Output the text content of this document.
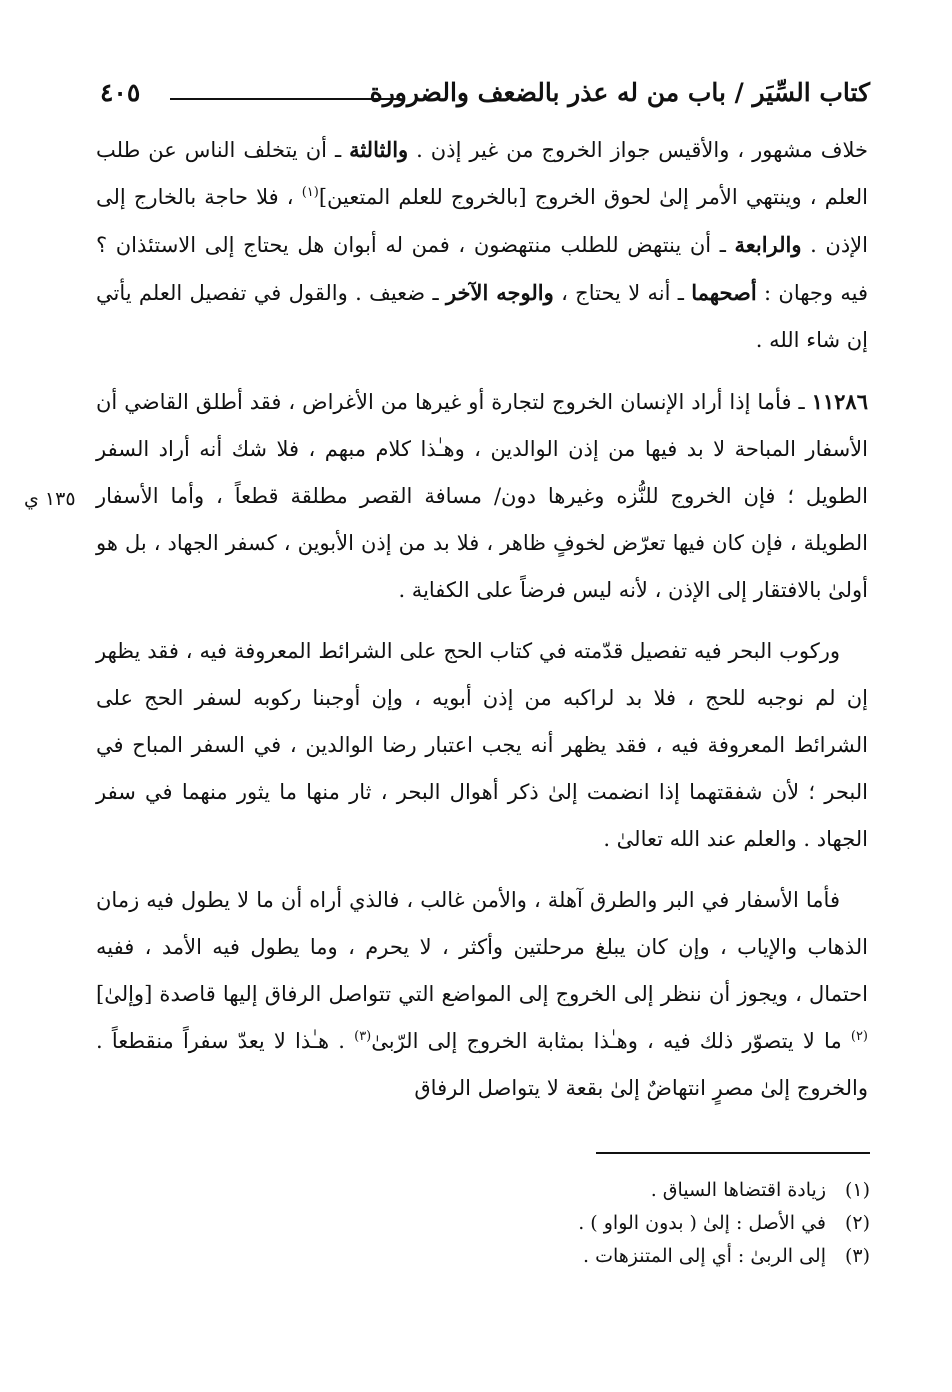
كتاب السِّيَر / باب من له عذر بالضعف والضرورة
٤٠٥
١٣٥ ي

خلاف مشهور ، والأقيس جواز الخروج من غير إذن . والثالثة ـ أن يتخلف الناس عن طلب العلم ، وينتهي الأمر إلىٰ لحوق الخروج [بالخروج للعلم المتعين]$^{(١)}$ ، فلا حاجة بالخارج إلى الإذن . والرابعة ـ أن ينتهض للطلب منتهضون ، فمن له أبوان هل يحتاج إلى الاستئذان ؟ فيه وجهان : أصحهما ـ أنه لا يحتاج ، والوجه الآخر ـ ضعيف . والقول في تفصيل العلم يأتي إن شاء الله .

١١٢٨٦ ـ فأما إذا أراد الإنسان الخروج لتجارة أو غيرها من الأغراض ، فقد أطلق القاضي أن الأسفار المباحة لا بد فيها من إذن الوالدين ، وهـٰذا كلام مبهم ، فلا شك أنه أراد السفر الطويل ؛ فإن الخروج للنُّزه وغيرها دون/ مسافة القصر مطلقة قطعاً ، وأما الأسفار الطويلة ، فإن كان فيها تعرّض لخوفٍ ظاهر ، فلا بد من إذن الأبوين ، كسفر الجهاد ، بل هو أولىٰ بالافتقار إلى الإذن ، لأنه ليس فرضاً على الكفاية .

وركوب البحر فيه تفصيل قدّمته في كتاب الحج على الشرائط المعروفة فيه ، فقد يظهر إن لم نوجبه للحج ، فلا بد لراكبه من إذن أبويه ، وإن أوجبنا ركوبه لسفر الحج على الشرائط المعروفة فيه ، فقد يظهر أنه يجب اعتبار رضا الوالدين ، في السفر المباح في البحر ؛ لأن شفقتهما إذا انضمت إلىٰ ذكر أهوال البحر ، ثار منها ما يثور منهما في سفر الجهاد . والعلم عند الله تعالىٰ .

فأما الأسفار في البر والطرق آهلة ، والأمن غالب ، فالذي أراه أن ما لا يطول فيه زمان الذهاب والإياب ، وإن كان يبلغ مرحلتين وأكثر ، لا يحرم ، وما يطول فيه الأمد ، ففيه احتمال ، ويجوز أن ننظر إلى الخروج إلى المواضع التي تتواصل الرفاق إليها قاصدة [وإلىٰ]$^{(٢)}$ ما لا يتصوّر ذلك فيه ، وهـٰذا بمثابة الخروج إلى الرّبىٰ$^{(٣)}$ . هـٰذا لا يعدّ سفراً منقطعاً . والخروج إلىٰ مصرٍ انتهاضٌ إلىٰ بقعة لا يتواصل الرفاق

(١)زيادة اقتضاها السياق .

(٢)في الأصل : إلىٰ ( بدون الواو ) .

(٣)إلى الربىٰ : أي إلى المتنزهات .
